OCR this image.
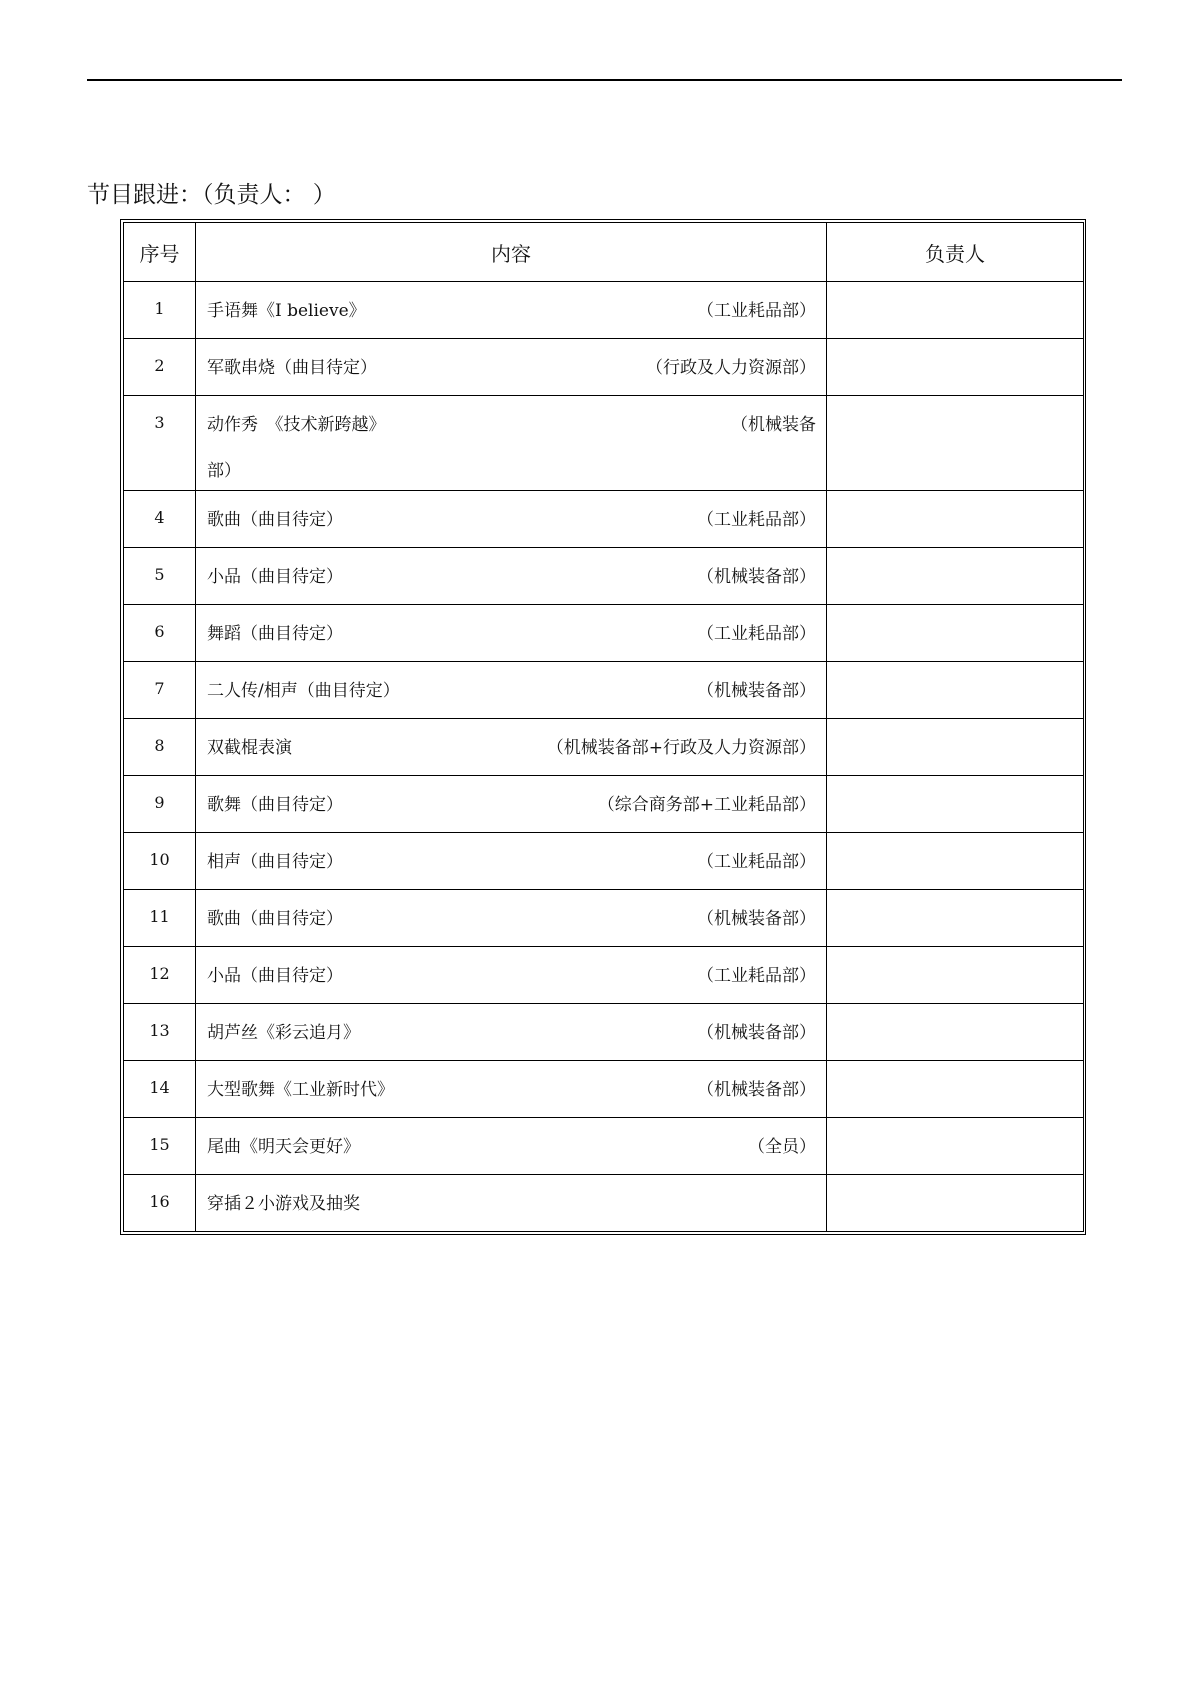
节目跟进：（负责人： ）
序号	内容	负责人
1	手语舞《I believe》 （工业耗品部）	

2	军歌串烧（曲目待定） （行政及人力资源部）	

3	动作秀　《技术新跨越》 （机械装备
部）	

4	歌曲（曲目待定） （工业耗品部）	

5	小品（曲目待定） （机械装备部）	

6	舞蹈（曲目待定） （工业耗品部）	

7	二人传/相声（曲目待定） （机械装备部）	

8	双截棍表演 （机械装备部+行政及人力资源部）	

9	歌舞（曲目待定） （综合商务部+工业耗品部）	

10	相声（曲目待定） （工业耗品部）	

11	歌曲（曲目待定） （机械装备部）	

12	小品（曲目待定） （工业耗品部）	

13	胡芦丝《彩云追月》 （机械装备部）	

14	大型歌舞《工业新时代》 （机械装备部）	

15	尾曲《明天会更好》 （全员）	

16	穿插２小游戏及抽奖	
